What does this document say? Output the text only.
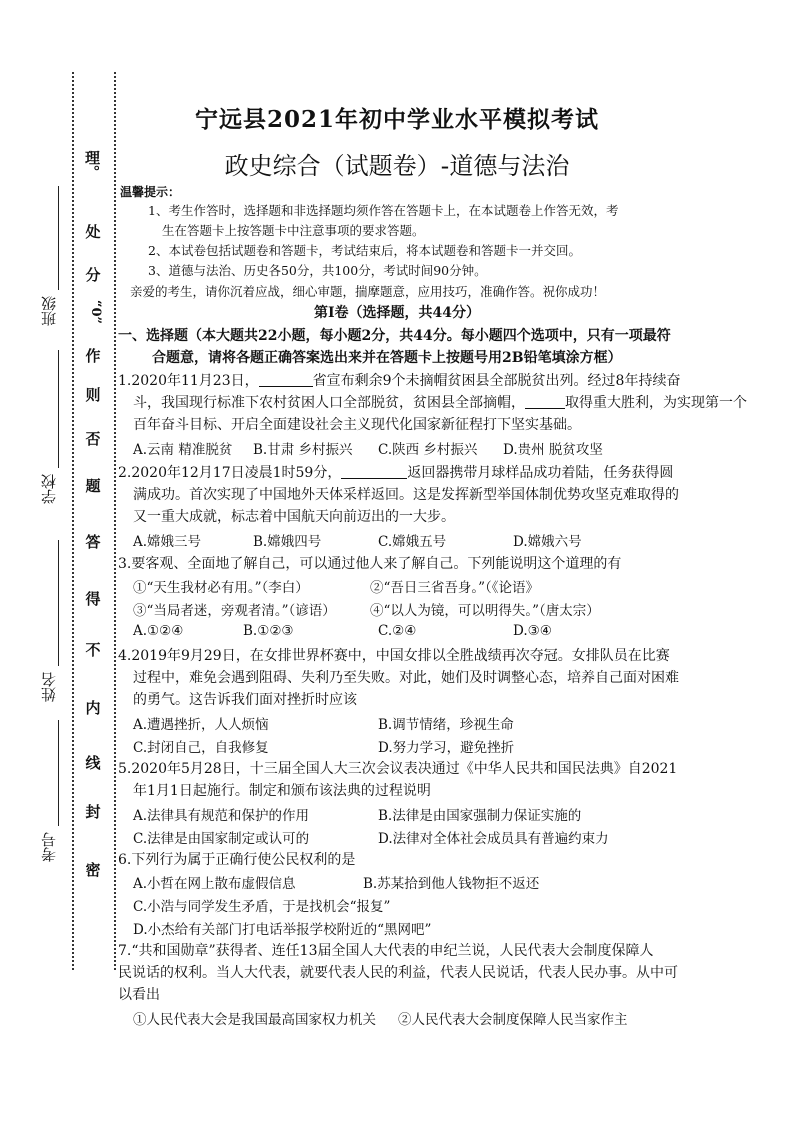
理。
处
分
“0”
作
则
否
题
答
得
不
内
线
封
密
班级
学校
姓名
考号
宁远县2021年初中学业水平模拟考试
政史综合（试题卷）-道德与法治
温馨提示：
1、考生作答时，选择题和非选择题均须作答在答题卡上，在本试题卷上作答无效，考
生在答题卡上按答题卡中注意事项的要求答题。
2、本试卷包括试题卷和答题卡，考试结束后，将本试题卷和答题卡一并交回。
3、道德与法治、历史各50分，共100分，考试时间90分钟。
亲爱的考生，请你沉着应战，细心审题，揣摩题意，应用技巧，准确作答。祝你成功！
第Ⅰ卷（选择题，共44分）
一、选择题（本大题共22小题，每小题2分，共44分。每小题四个选项中，只有一项最符
合题意，请将各题正确答案选出来并在答题卡上按题号用2B铅笔填涂方框）
1.2020年11月23日，	省宣布剩余9个未摘帽贫困县全部脱贫出列。经过8年持续奋
斗，我国现行标准下农村贫困人口全部脱贫，贫困县全部摘帽，	取得重大胜利，为实现第一个
百年奋斗目标、开启全面建设社会主义现代化国家新征程打下坚实基础。
A.云南 精准脱贫 B.甘肃 乡村振兴 C.陕西 乡村振兴 D.贵州 脱贫攻坚
2.2020年12月17日凌晨1时59分，	返回器携带月球样品成功着陆，任务获得圆
满成功。首次实现了中国地外天体采样返回。这是发挥新型举国体制优势攻坚克难取得的
又一重大成就，标志着中国航天向前迈出的一大步。
A.嫦娥三号	B.嫦娥四号	C.嫦娥五号	D.嫦娥六号
3.要客观、全面地了解自己，可以通过他人来了解自己。下列能说明这个道理的有
①“天生我材必有用。”（李白）	②“吾日三省吾身。”（《论语》
③“当局者迷，旁观者清。”（谚语）	④“以人为镜，可以明得失。”（唐太宗）
A.①②④	B.①②③	C.②④	D.③④
4.2019年9月29日，在女排世界杯赛中，中国女排以全胜战绩再次夺冠。女排队员在比赛
过程中，难免会遇到阻碍、失利乃至失败。对此，她们及时调整心态，培养自己面对困难
的勇气。这告诉我们面对挫折时应该
A.遭遇挫折，人人烦恼	B.调节情绪，珍视生命
C.封闭自己，自我修复	D.努力学习，避免挫折
5.2020年5月28日，十三届全国人大三次会议表决通过《中华人民共和国民法典》自2021
年1月1日起施行。制定和颁布该法典的过程说明
A.法律具有规范和保护的作用	B.法律是由国家强制力保证实施的
C.法律是由国家制定或认可的	D.法律对全体社会成员具有普遍约束力
6.下列行为属于正确行使公民权利的是
A.小哲在网上散布虚假信息	B.苏某拾到他人钱物拒不返还
C.小浩与同学发生矛盾，于是找机会“报复”
D.小杰给有关部门打电话举报学校附近的“黑网吧”
7.“共和国勋章”获得者、连任13届全国人大代表的申纪兰说，人民代表大会制度保障人
民说话的权利。当人大代表，就要代表人民的利益，代表人民说话，代表人民办事。从中可
以看出
①人民代表大会是我国最高国家权力机关 ②人民代表大会制度保障人民当家作主
